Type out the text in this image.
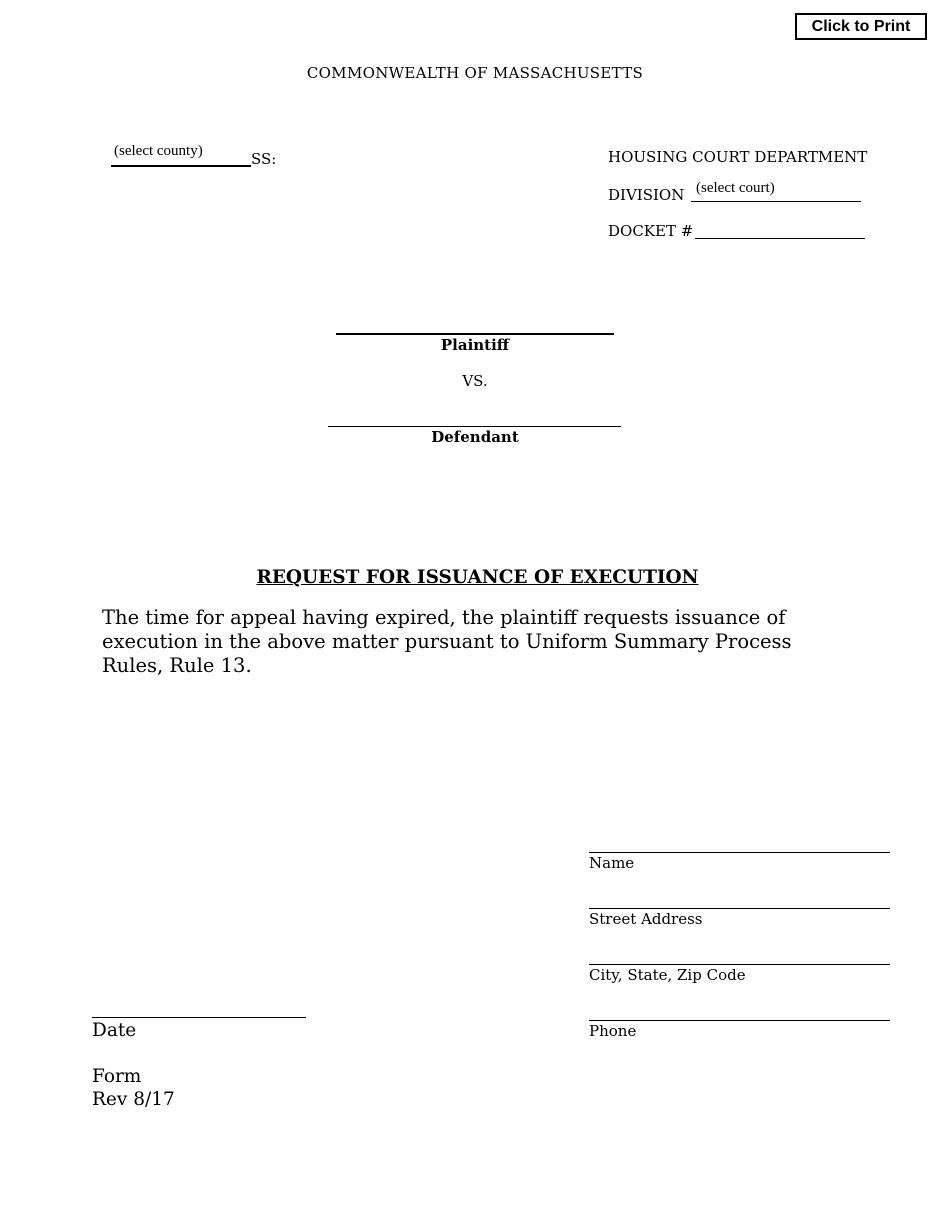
Click to Print
COMMONWEALTH OF MASSACHUSETTS
(select county)	SS:	HOUSING COURT DEPARTMENT
DIVISION (select court)
DOCKET #
Plaintiff
VS.
Defendant
REQUEST FOR ISSUANCE OF EXECUTION
The time for appeal having expired, the plaintiff requests issuance of execution in the above matter pursuant to Uniform Summary Process Rules, Rule 13.
Name
Street Address
City, State, Zip Code
Phone
Date
Form
Rev 8/17
